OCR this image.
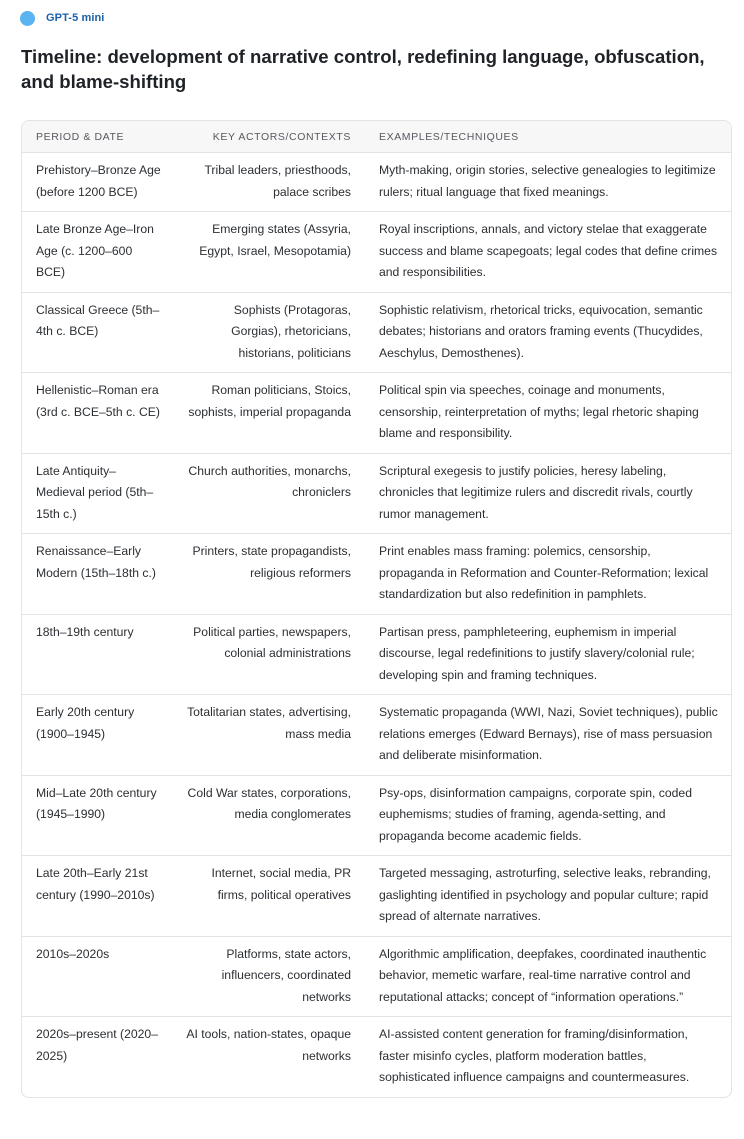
GPT-5 mini
Timeline: development of narrative control, redefining language, obfuscation, and blame-shifting
PERIOD & DATE	KEY ACTORS/CONTEXTS	EXAMPLES/TECHNIQUES
Prehistory–Bronze Age (before 1200 BCE)	Tribal leaders, priesthoods, palace scribes	Myth-making, origin stories, selective genealogies to legitimize rulers; ritual language that fixed meanings.
Late Bronze Age–Iron Age (c. 1200–600 BCE)	Emerging states (Assyria, Egypt, Israel, Mesopotamia)	Royal inscriptions, annals, and victory stelae that exaggerate success and blame scapegoats; legal codes that define crimes and responsibilities.
Classical Greece (5th–4th c. BCE)	Sophists (Protagoras, Gorgias), rhetoricians, historians, politicians	Sophistic relativism, rhetorical tricks, equivocation, semantic debates; historians and orators framing events (Thucydides, Aeschylus, Demosthenes).
Hellenistic–Roman era (3rd c. BCE–5th c. CE)	Roman politicians, Stoics, sophists, imperial propaganda	Political spin via speeches, coinage and monuments, censorship, reinterpretation of myths; legal rhetoric shaping blame and responsibility.
Late Antiquity–Medieval period (5th–15th c.)	Church authorities, monarchs, chroniclers	Scriptural exegesis to justify policies, heresy labeling, chronicles that legitimize rulers and discredit rivals, courtly rumor management.
Renaissance–Early Modern (15th–18th c.)	Printers, state propagandists, religious reformers	Print enables mass framing: polemics, censorship, propaganda in Reformation and Counter-Reformation; lexical standardization but also redefinition in pamphlets.
18th–19th century	Political parties, newspapers, colonial administrations	Partisan press, pamphleteering, euphemism in imperial discourse, legal redefinitions to justify slavery/colonial rule; developing spin and framing techniques.
Early 20th century (1900–1945)	Totalitarian states, advertising, mass media	Systematic propaganda (WWI, Nazi, Soviet techniques), public relations emerges (Edward Bernays), rise of mass persuasion and deliberate misinformation.
Mid–Late 20th century (1945–1990)	Cold War states, corporations, media conglomerates	Psy-ops, disinformation campaigns, corporate spin, coded euphemisms; studies of framing, agenda-setting, and propaganda become academic fields.
Late 20th–Early 21st century (1990–2010s)	Internet, social media, PR firms, political operatives	Targeted messaging, astroturfing, selective leaks, rebranding, gaslighting identified in psychology and popular culture; rapid spread of alternate narratives.
2010s–2020s	Platforms, state actors, influencers, coordinated networks	Algorithmic amplification, deepfakes, coordinated inauthentic behavior, memetic warfare, real-time narrative control and reputational attacks; concept of “information operations.”
2020s–present (2020–2025)	AI tools, nation-states, opaque networks	AI-assisted content generation for framing/disinformation, faster misinfo cycles, platform moderation battles, sophisticated influence campaigns and countermeasures.
